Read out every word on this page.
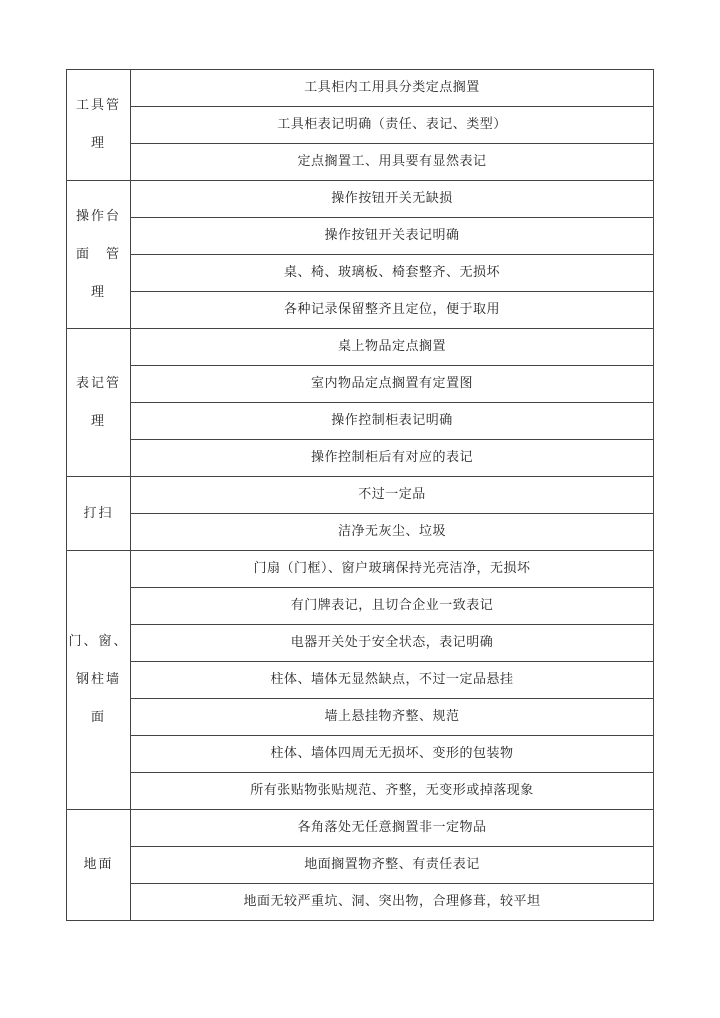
工具管
理	工具柜内工用具分类定点搁置
	工具柜表记明确（责任、表记、类型）
	定点搁置工、用具要有显然表记

操作台
面　管
理	操作按钮开关无缺损
	操作按钮开关表记明确
	桌、椅、玻璃板、椅套整齐、无损坏
	各种记录保留整齐且定位，便于取用

表记管
理	桌上物品定点搁置
	室内物品定点搁置有定置图
	操作控制柜表记明确
	操作控制柜后有对应的表记

打扫	不过一定品
	洁净无灰尘、垃圾

门、窗、
钢柱墙
面	门扇（门框）、窗户玻璃保持光亮洁净，无损坏
	有门牌表记，且切合企业一致表记
	电器开关处于安全状态，表记明确
	柱体、墙体无显然缺点，不过一定品悬挂
	墙上悬挂物齐整、规范
	柱体、墙体四周无无损坏、变形的包装物
	所有张贴物张贴规范、齐整，无变形或掉落现象

地面	各角落处无任意搁置非一定物品
	地面搁置物齐整、有责任表记
	地面无较严重坑、洞、突出物，合理修葺，较平坦
